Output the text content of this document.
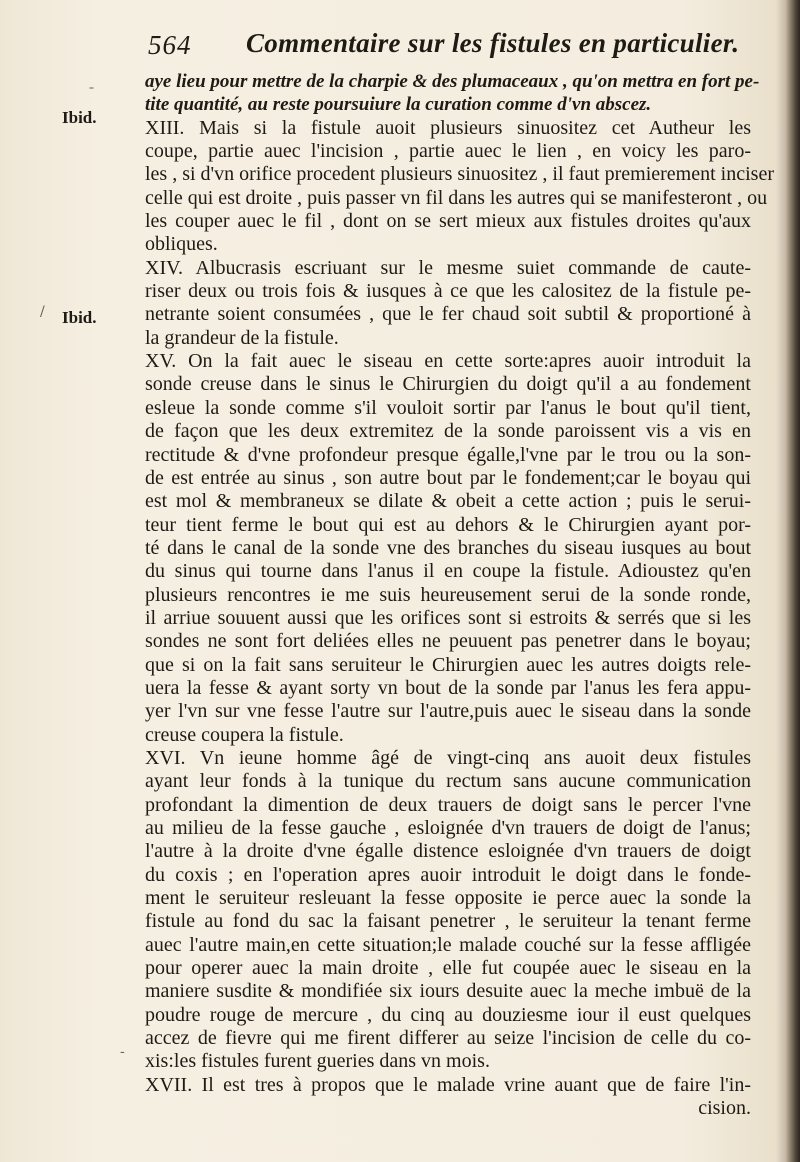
564 Commentaire sur les fistules en particulier.
Ibid.
Ibid.
¯
/
-
aye lieu pour mettre de la charpie & des plumaceaux , qu'on mettra en fort pe-
tite quantité, au reste poursuiure la curation comme d'vn abscez.
XIII. Mais si la fistule auoit plusieurs sinuositez cet Autheur les
coupe, partie auec l'incision , partie auec le lien , en voicy les paro-
les , si d'vn orifice procedent plusieurs sinuositez , il faut premierement inciser
celle qui est droite , puis passer vn fil dans les autres qui se manifesteront , ou
les couper auec le fil , dont on se sert mieux aux fistules droites qu'aux
obliques.
XIV. Albucrasis escriuant sur le mesme suiet commande de caute-
riser deux ou trois fois & iusques à ce que les calositez de la fistule pe-
netrante soient consumées , que le fer chaud soit subtil & proportioné à
la grandeur de la fistule.
XV. On la fait auec le siseau en cette sorte:apres auoir introduit la
sonde creuse dans le sinus le Chirurgien du doigt qu'il a au fondement
esleue la sonde comme s'il vouloit sortir par l'anus le bout qu'il tient,
de façon que les deux extremitez de la sonde paroissent vis a vis en
rectitude & d'vne profondeur presque égalle,l'vne par le trou ou la son-
de est entrée au sinus , son autre bout par le fondement;car le boyau qui
est mol & membraneux se dilate & obeit a cette action ; puis le serui-
teur tient ferme le bout qui est au dehors & le Chirurgien ayant por-
té dans le canal de la sonde vne des branches du siseau iusques au bout
du sinus qui tourne dans l'anus il en coupe la fistule. Adioustez qu'en
plusieurs rencontres ie me suis heureusement serui de la sonde ronde,
il arriue souuent aussi que les orifices sont si estroits & serrés que si les
sondes ne sont fort deliées elles ne peuuent pas penetrer dans le boyau;
que si on la fait sans seruiteur le Chirurgien auec les autres doigts rele-
uera la fesse & ayant sorty vn bout de la sonde par l'anus les fera appu-
yer l'vn sur vne fesse l'autre sur l'autre,puis auec le siseau dans la sonde
creuse coupera la fistule.
XVI. Vn ieune homme âgé de vingt-cinq ans auoit deux fistules
ayant leur fonds à la tunique du rectum sans aucune communication
profondant la dimention de deux trauers de doigt sans le percer l'vne
au milieu de la fesse gauche , esloignée d'vn trauers de doigt de l'anus;
l'autre à la droite d'vne égalle distence esloignée d'vn trauers de doigt
du coxis ; en l'operation apres auoir introduit le doigt dans le fonde-
ment le seruiteur resleuant la fesse opposite ie perce auec la sonde la
fistule au fond du sac la faisant penetrer , le seruiteur la tenant ferme
auec l'autre main,en cette situation;le malade couché sur la fesse affligée
pour operer auec la main droite , elle fut coupée auec le siseau en la
maniere susdite & mondifiée six iours desuite auec la meche imbuë de la
poudre rouge de mercure , du cinq au douziesme iour il eust quelques
accez de fievre qui me firent differer au seize l'incision de celle du co-
xis:les fistules furent gueries dans vn mois.
XVII. Il est tres à propos que le malade vrine auant que de faire l'in-
cision.
